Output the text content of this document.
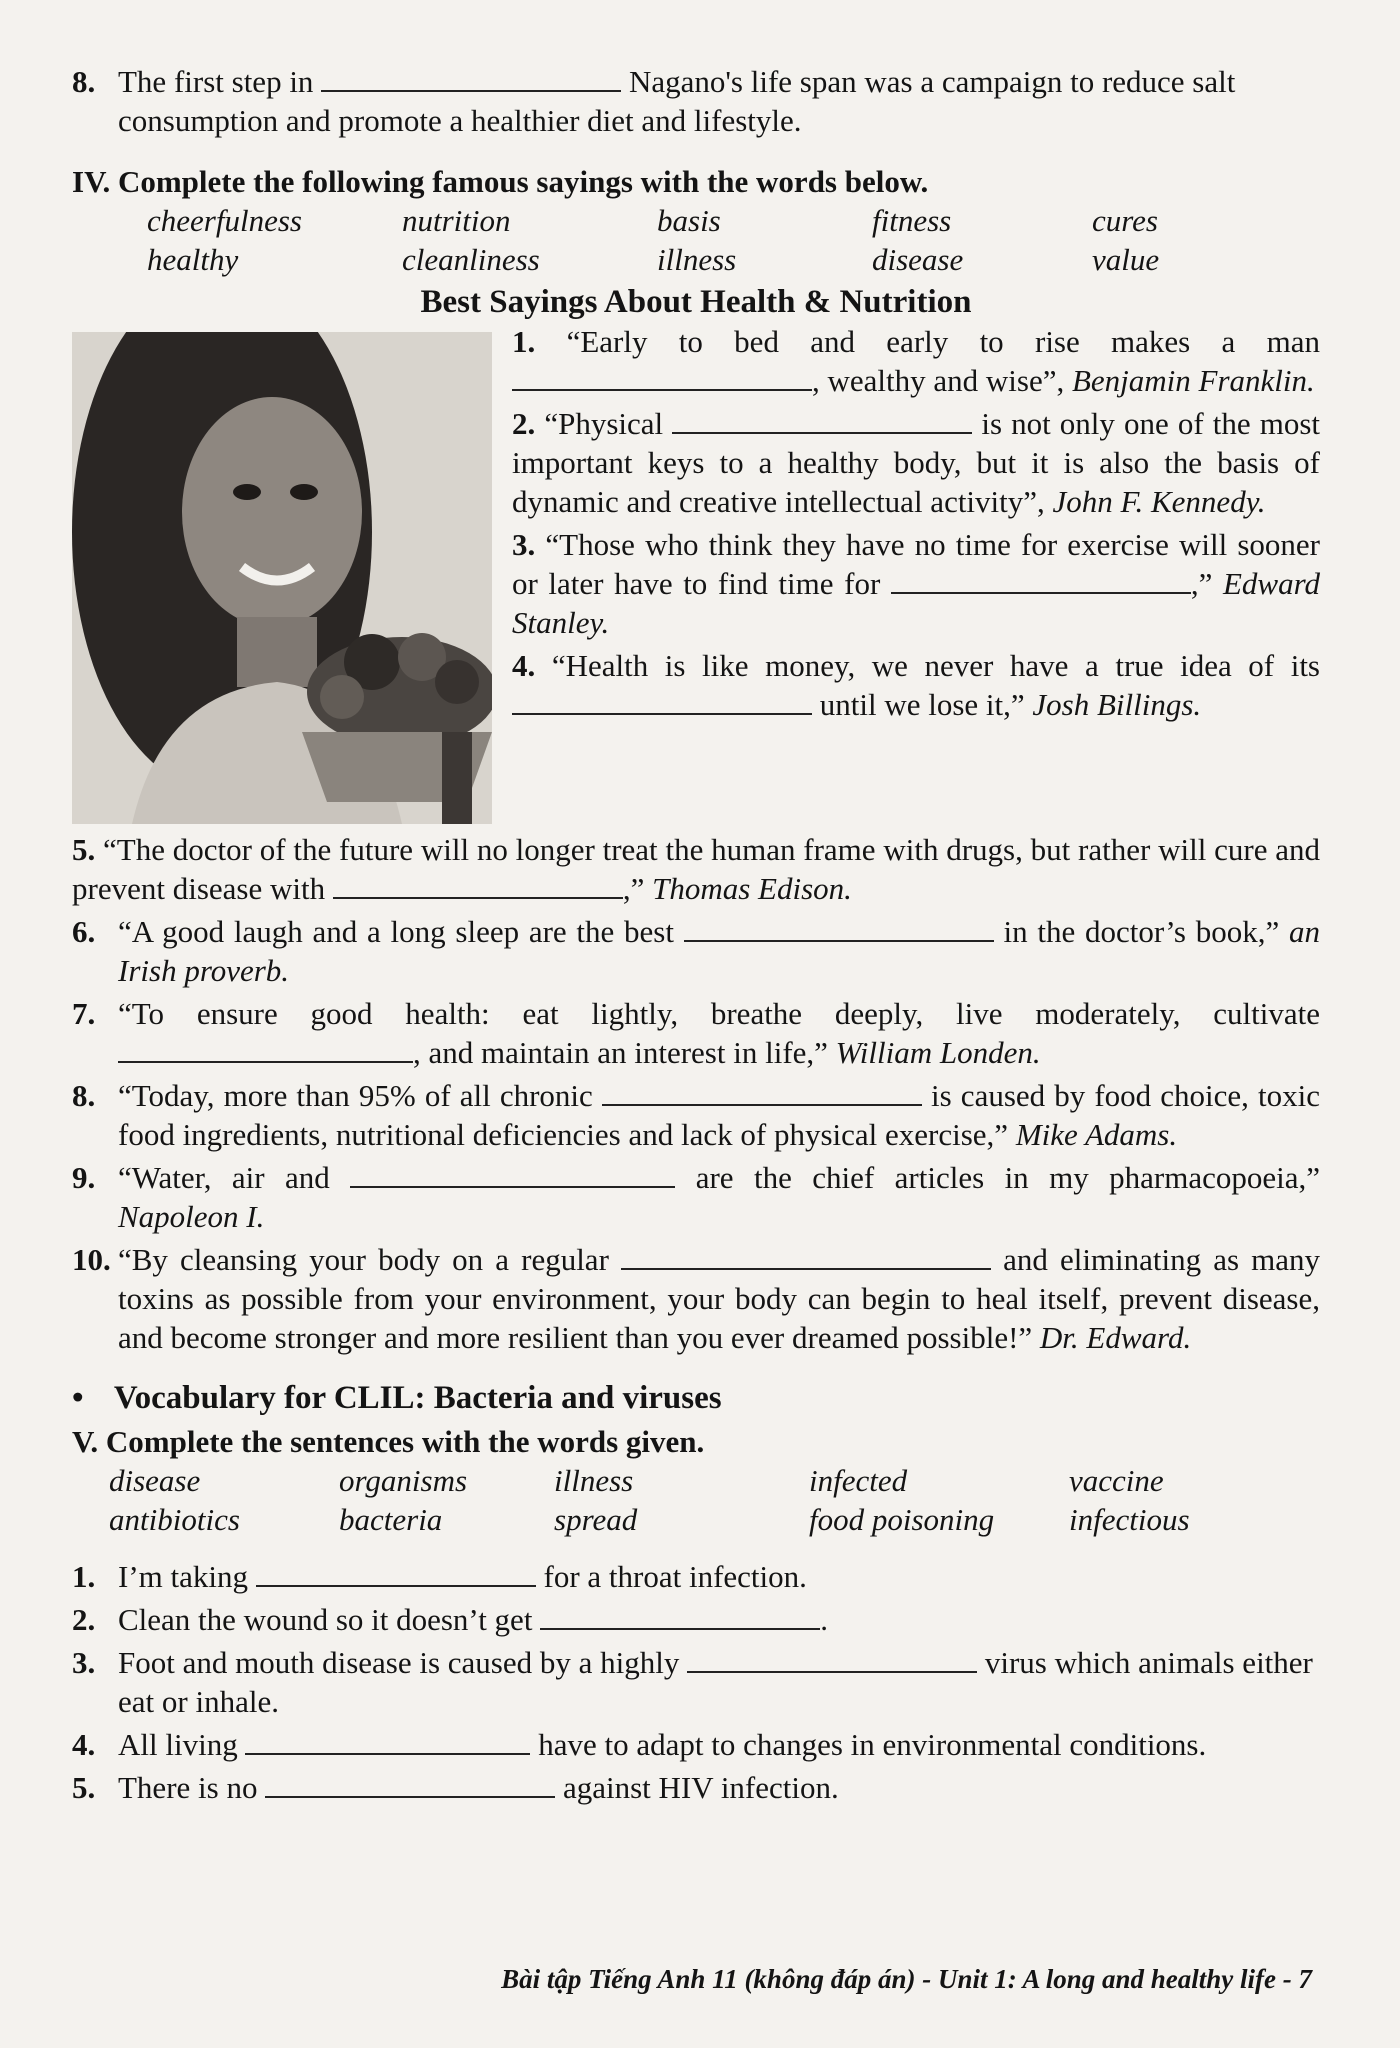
8. The first step in	Nagano's life span was a campaign to reduce salt consumption and promote a healthier diet and lifestyle.
IV. Complete the following famous sayings with the words below.
cheerfulness	nutrition	basis	fitness	cures
healthy	cleanliness	illness	disease	value
Best Sayings About Health & Nutrition
1. “Early to bed and early to rise makes a man , wealthy and wise”, Benjamin Franklin.
2. “Physical	is not only one of the most important keys to a healthy body, but it is also the basis of dynamic and creative intellectual activity”, John F. Kennedy.
3. “Those who think they have no time for exercise will sooner or later have to find time for	,” Edward Stanley.
4. “Health is like money, we never have a true idea of its  until we lose it,” Josh Billings.
5. “The doctor of the future will no longer treat the human frame with drugs, but rather will cure and prevent disease with	,” Thomas Edison.
6. “A good laugh and a long sleep are the best	in the doctor’s book,” an Irish proverb.
7. “To ensure good health: eat lightly, breathe deeply, live moderately, cultivate , and maintain an interest in life,” William Londen.
8. “Today, more than 95% of all chronic	is caused by food choice, toxic food ingredients, nutritional deficiencies and lack of physical exercise,” Mike Adams.
9. “Water, air and	are the chief articles in my pharmacopoeia,” Napoleon I.
10. “By cleansing your body on a regular	and eliminating as many toxins as possible from your environment, your body can begin to heal itself, prevent disease, and become stronger and more resilient than you ever dreamed possible!” Dr. Edward.
• Vocabulary for CLIL: Bacteria and viruses
V. Complete the sentences with the words given.
disease	organisms	illness	infected	vaccine
antibiotics	bacteria	spread	food poisoning	infectious
1. I’m taking	for a throat infection.
2. Clean the wound so it doesn’t get	.
3. Foot and mouth disease is caused by a highly	virus which animals either eat or inhale.
4. All living	have to adapt to changes in environmental conditions.
5. There is no	against HIV infection.
Bài tập Tiếng Anh 11 (không đáp án) - Unit 1: A long and healthy life - 7
